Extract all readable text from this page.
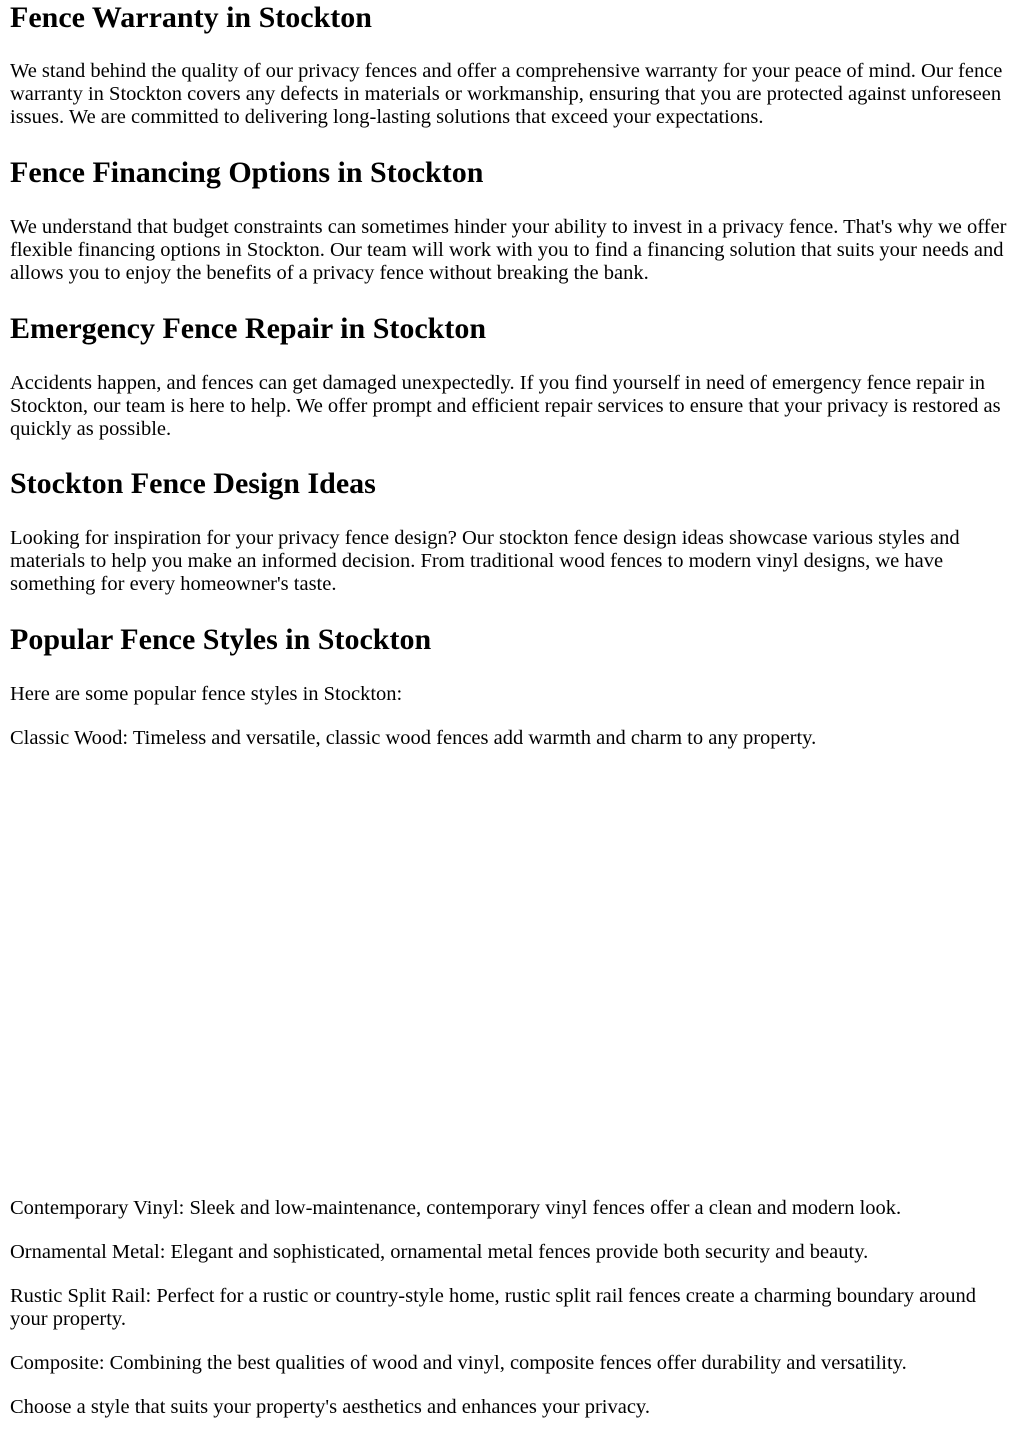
Fence Warranty in Stockton

We stand behind the quality of our privacy fences and offer a comprehensive warranty for your peace of mind. Our fence warranty in Stockton covers any defects in materials or workmanship, ensuring that you are protected against unforeseen issues. We are committed to delivering long-lasting solutions that exceed your expectations.

Fence Financing Options in Stockton

We understand that budget constraints can sometimes hinder your ability to invest in a privacy fence. That's why we offer flexible financing options in Stockton. Our team will work with you to find a financing solution that suits your needs and allows you to enjoy the benefits of a privacy fence without breaking the bank.

Emergency Fence Repair in Stockton

Accidents happen, and fences can get damaged unexpectedly. If you find yourself in need of emergency fence repair in Stockton, our team is here to help. We offer prompt and efficient repair services to ensure that your privacy is restored as quickly as possible.

Stockton Fence Design Ideas

Looking for inspiration for your privacy fence design? Our stockton fence design ideas showcase various styles and materials to help you make an informed decision. From traditional wood fences to modern vinyl designs, we have something for every homeowner's taste.

Popular Fence Styles in Stockton

Here are some popular fence styles in Stockton:

Classic Wood: Timeless and versatile, classic wood fences add warmth and charm to any property.

Contemporary Vinyl: Sleek and low-maintenance, contemporary vinyl fences offer a clean and modern look.

Ornamental Metal: Elegant and sophisticated, ornamental metal fences provide both security and beauty.

Rustic Split Rail: Perfect for a rustic or country-style home, rustic split rail fences create a charming boundary around your property.

Composite: Combining the best qualities of wood and vinyl, composite fences offer durability and versatility.

Choose a style that suits your property's aesthetics and enhances your privacy.
